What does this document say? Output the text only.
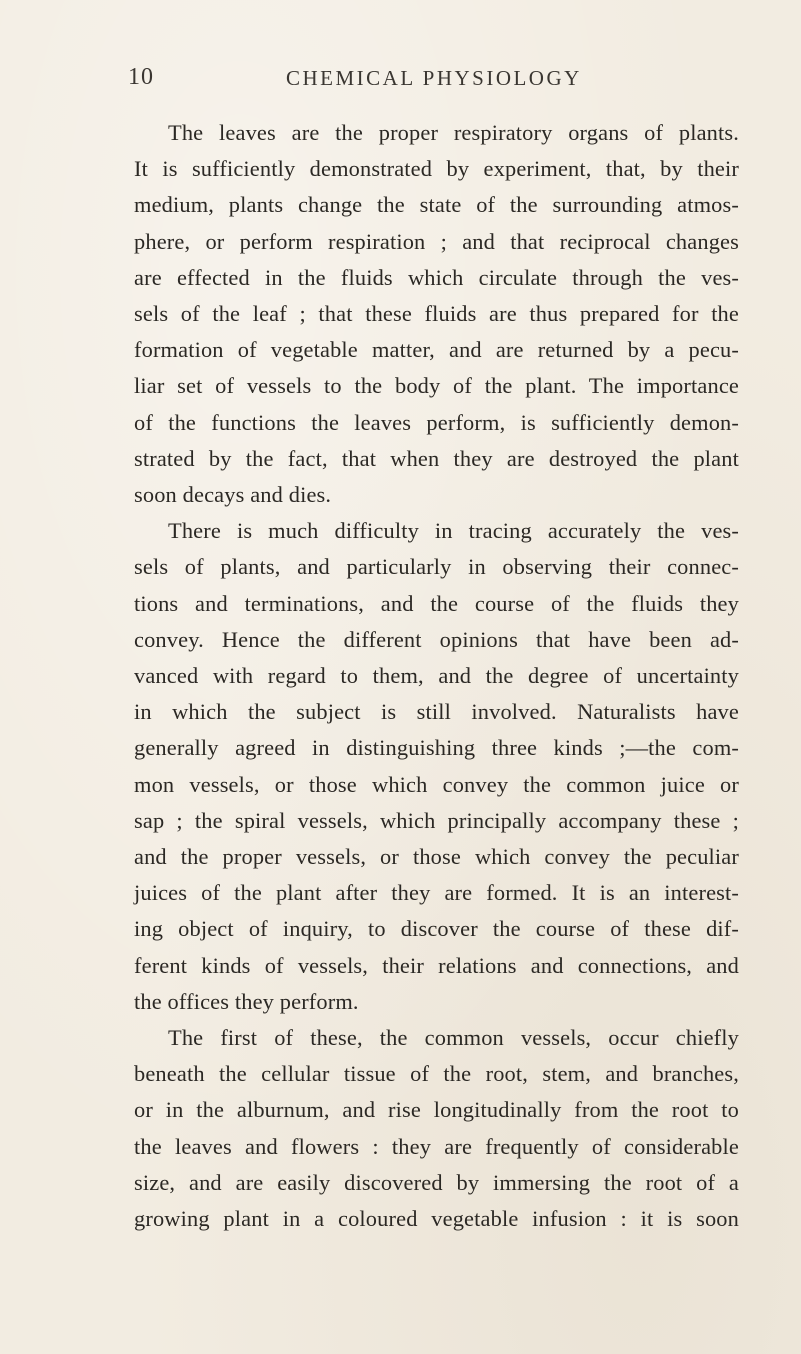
10	CHEMICAL PHYSIOLOGY
The leaves are the proper respiratory organs of plants.
It is sufficiently demonstrated by experiment, that, by their
medium, plants change the state of the surrounding atmos-
phere, or perform respiration ; and that reciprocal changes
are effected in the fluids which circulate through the ves-
sels of the leaf ; that these fluids are thus prepared for the
formation of vegetable matter, and are returned by a pecu-
liar set of vessels to the body of the plant. The importance
of the functions the leaves perform, is sufficiently demon-
strated by the fact, that when they are destroyed the plant
soon decays and dies.
There is much difficulty in tracing accurately the ves-
sels of plants, and particularly in observing their connec-
tions and terminations, and the course of the fluids they
convey. Hence the different opinions that have been ad-
vanced with regard to them, and the degree of uncertainty
in which the subject is still involved. Naturalists have
generally agreed in distinguishing three kinds ;—the com-
mon vessels, or those which convey the common juice or
sap ; the spiral vessels, which principally accompany these ;
and the proper vessels, or those which convey the peculiar
juices of the plant after they are formed. It is an interest-
ing object of inquiry, to discover the course of these dif-
ferent kinds of vessels, their relations and connections, and
the offices they perform.
The first of these, the common vessels, occur chiefly
beneath the cellular tissue of the root, stem, and branches,
or in the alburnum, and rise longitudinally from the root to
the leaves and flowers : they are frequently of considerable
size, and are easily discovered by immersing the root of a
growing plant in a coloured vegetable infusion : it is soon
